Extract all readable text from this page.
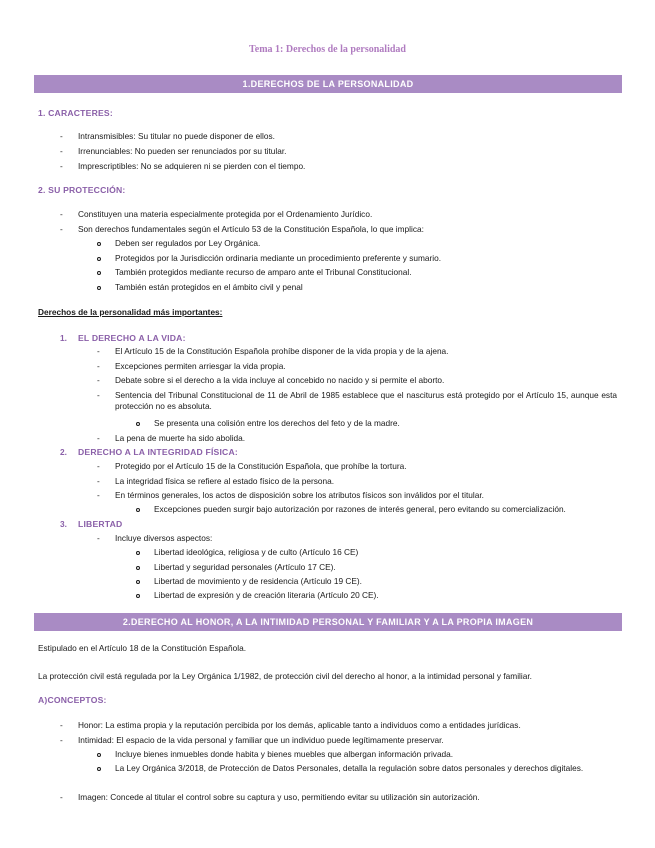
Tema 1: Derechos de la personalidad
1.DERECHOS DE LA PERSONALIDAD
1. CARACTERES:
- Intransmisibles: Su titular no puede disponer de ellos.
- Irrenunciables: No pueden ser renunciados por su titular.
- Imprescriptibles: No se adquieren ni se pierden con el tiempo.
2. SU PROTECCIÓN:
- Constituyen una materia especialmente protegida por el Ordenamiento Jurídico.
- Son derechos fundamentales según el Artículo 53 de la Constitución Española, lo que implica:
Deben ser regulados por Ley Orgánica.
Protegidos por la Jurisdicción ordinaria mediante un procedimiento preferente y sumario.
También protegidos mediante recurso de amparo ante el Tribunal Constitucional.
También están protegidos en el ámbito civil y penal
Derechos de la personalidad más importantes:
1. EL DERECHO A LA VIDA:
- El Artículo 15 de la Constitución Española prohíbe disponer de la vida propia y de la ajena.
- Excepciones permiten arriesgar la vida propia.
- Debate sobre si el derecho a la vida incluye al concebido no nacido y si permite el aborto.
- Sentencia del Tribunal Constitucional de 11 de Abril de 1985 establece que el nasciturus está protegido por el Artículo 15, aunque esta protección no es absoluta.
Se presenta una colisión entre los derechos del feto y de la madre.
- La pena de muerte ha sido abolida.
2. DERECHO A LA INTEGRIDAD FÍSICA:
- Protegido por el Artículo 15 de la Constitución Española, que prohíbe la tortura.
- La integridad física se refiere al estado físico de la persona.
- En términos generales, los actos de disposición sobre los atributos físicos son inválidos por el titular.
Excepciones pueden surgir bajo autorización por razones de interés general, pero evitando su comercialización.
3. LIBERTAD
- Incluye diversos aspectos:
Libertad ideológica, religiosa y de culto (Artículo 16 CE)
Libertad y seguridad personales (Artículo 17 CE).
Libertad de movimiento y de residencia (Artículo 19 CE).
Libertad de expresión y de creación literaria (Artículo 20 CE).
2.DERECHO AL HONOR, A LA INTIMIDAD PERSONAL Y FAMILIAR Y A LA PROPIA IMAGEN
Estipulado en el Artículo 18 de la Constitución Española.
La protección civil está regulada por la Ley Orgánica 1/1982, de protección civil del derecho al honor, a la intimidad personal y familiar.
A)CONCEPTOS:
- Honor: La estima propia y la reputación percibida por los demás, aplicable tanto a individuos como a entidades jurídicas.
- Intimidad: El espacio de la vida personal y familiar que un individuo puede legítimamente preservar.
Incluye bienes inmuebles donde habita y bienes muebles que albergan información privada.
La Ley Orgánica 3/2018, de Protección de Datos Personales, detalla la regulación sobre datos personales y derechos digitales.
- Imagen: Concede al titular el control sobre su captura y uso, permitiendo evitar su utilización sin autorización.
